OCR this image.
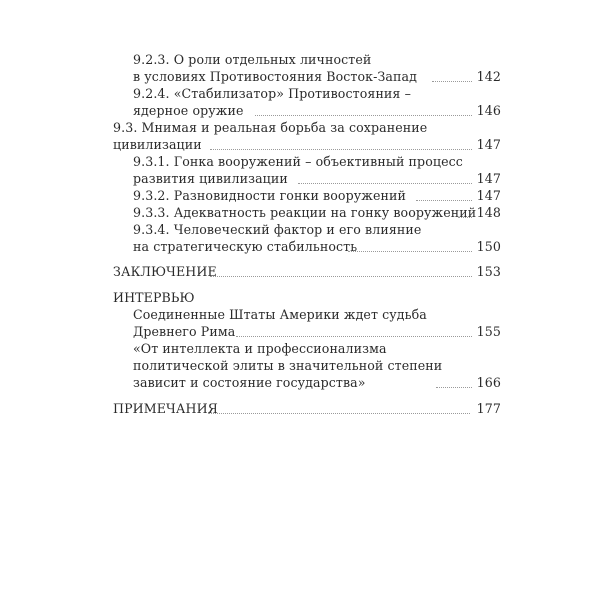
9.2.3. О роли отдельных личностей
в условиях Противостояния Восток-Запад	142
9.2.4. «Стабилизатор» Противостояния –
ядерное оружие	146
9.3. Мнимая и реальная борьба за сохранение
цивилизации	147
9.3.1. Гонка вооружений – объективный процесс
развития цивилизации	147
9.3.2. Разновидности гонки вооружений	147
9.3.3. Адекватность реакции на гонку вооружений 148
9.3.4. Человеческий фактор и его влияние
на стратегическую стабильность	150
ЗАКЛЮЧЕНИЕ	153
ИНТЕРВЬЮ
Соединенные Штаты Америки ждет судьба
Древнего Рима	155
«От интеллекта и профессионализма
политической элиты в значительной степени
зависит и состояние государства»	166
ПРИМЕЧАНИЯ	177
